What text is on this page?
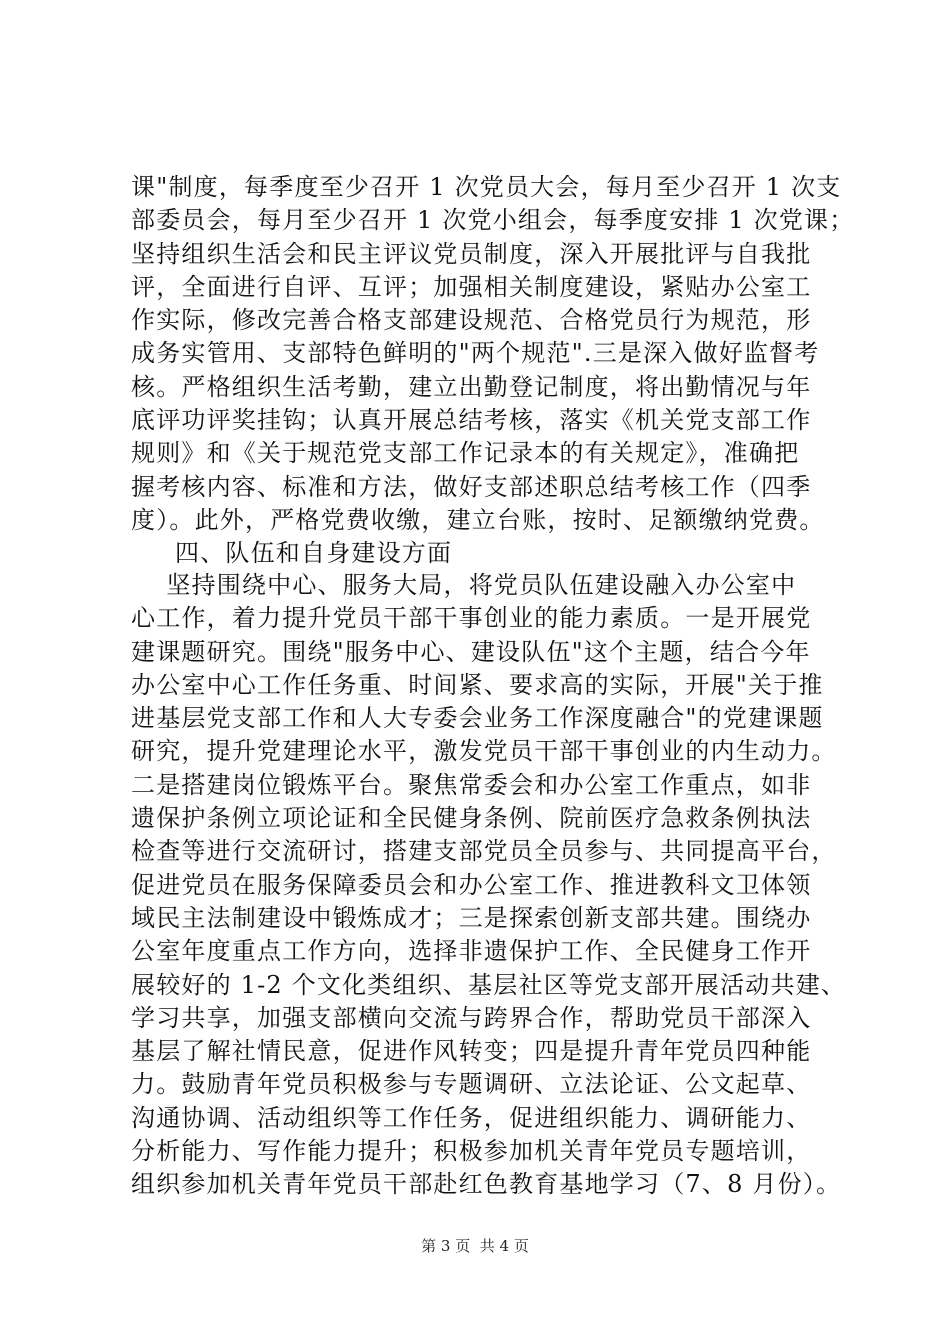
课"制度，每季度至少召开 1 次党员大会，每月至少召开 1 次支
部委员会，每月至少召开 1 次党小组会，每季度安排 1 次党课；
坚持组织生活会和民主评议党员制度，深入开展批评与自我批
评，全面进行自评、互评；加强相关制度建设，紧贴办公室工
作实际，修改完善合格支部建设规范、合格党员行为规范，形
成务实管用、支部特色鲜明的"两个规范".三是深入做好监督考
核。严格组织生活考勤，建立出勤登记制度，将出勤情况与年
底评功评奖挂钩；认真开展总结考核，落实《机关党支部工作
规则》和《关于规范党支部工作记录本的有关规定》，准确把
握考核内容、标准和方法，做好支部述职总结考核工作（四季
度）。此外，严格党费收缴，建立台账，按时、足额缴纳党费。
四、队伍和自身建设方面
坚持围绕中心、服务大局，将党员队伍建设融入办公室中
心工作，着力提升党员干部干事创业的能力素质。一是开展党
建课题研究。围绕"服务中心、建设队伍"这个主题，结合今年
办公室中心工作任务重、时间紧、要求高的实际，开展"关于推
进基层党支部工作和人大专委会业务工作深度融合"的党建课题
研究，提升党建理论水平，激发党员干部干事创业的内生动力。
二是搭建岗位锻炼平台。聚焦常委会和办公室工作重点，如非
遗保护条例立项论证和全民健身条例、院前医疗急救条例执法
检查等进行交流研讨，搭建支部党员全员参与、共同提高平台，
促进党员在服务保障委员会和办公室工作、推进教科文卫体领
域民主法制建设中锻炼成才；三是探索创新支部共建。围绕办
公室年度重点工作方向，选择非遗保护工作、全民健身工作开
展较好的 1-2 个文化类组织、基层社区等党支部开展活动共建、
学习共享，加强支部横向交流与跨界合作，帮助党员干部深入
基层了解社情民意，促进作风转变；四是提升青年党员四种能
力。鼓励青年党员积极参与专题调研、立法论证、公文起草、
沟通协调、活动组织等工作任务，促进组织能力、调研能力、
分析能力、写作能力提升；积极参加机关青年党员专题培训，
组织参加机关青年党员干部赴红色教育基地学习（7、8 月份）。
第 3 页  共 4 页
